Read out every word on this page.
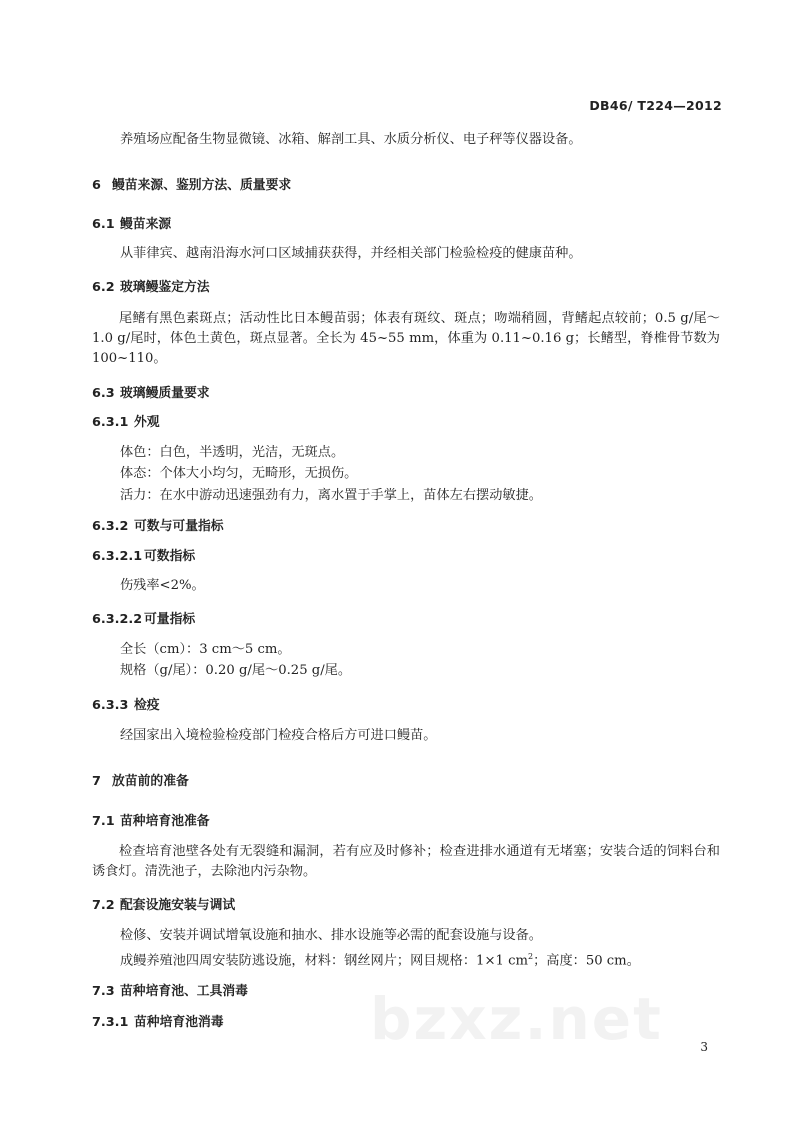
DB46/ T224—2012
养殖场应配备生物显微镜、冰箱、解剖工具、水质分析仪、电子秤等仪器设备。
6 鳗苗来源、鉴别方法、质量要求
6.1 鳗苗来源
从菲律宾、越南沿海水河口区域捕获获得，并经相关部门检验检疫的健康苗种。
6.2 玻璃鳗鉴定方法
尾鳍有黑色素斑点；活动性比日本鳗苗弱；体表有斑纹、斑点；吻端稍圆，背鳍起点较前；0.5 g/尾～1.0 g/尾时，体色土黄色，斑点显著。全长为 45~55 mm，体重为 0.11~0.16 g；长鳍型，脊椎骨节数为 100~110。
6.3 玻璃鳗质量要求
6.3.1 外观
体色：白色，半透明，光洁，无斑点。
体态：个体大小均匀，无畸形，无损伤。
活力：在水中游动迅速强劲有力，离水置于手掌上，苗体左右摆动敏捷。
6.3.2 可数与可量指标
6.3.2.1 可数指标
伤残率<2%。
6.3.2.2 可量指标
全长（cm）：3 cm～5 cm。
规格（g/尾）：0.20 g/尾～0.25 g/尾。
6.3.3 检疫
经国家出入境检验检疫部门检疫合格后方可进口鳗苗。
7 放苗前的准备
7.1 苗种培育池准备
检查培育池壁各处有无裂缝和漏洞，若有应及时修补；检查进排水通道有无堵塞；安装合适的饲料台和诱食灯。清洗池子，去除池内污杂物。
7.2 配套设施安装与调试
检修、安装并调试增氧设施和抽水、排水设施等必需的配套设施与设备。
成鳗养殖池四周安装防逃设施，材料：钢丝网片；网目规格：1×1 $cm^2$；高度：50 cm。
7.3 苗种培育池、工具消毒 bzxz.net
7.3.1 苗种培育池消毒
3
